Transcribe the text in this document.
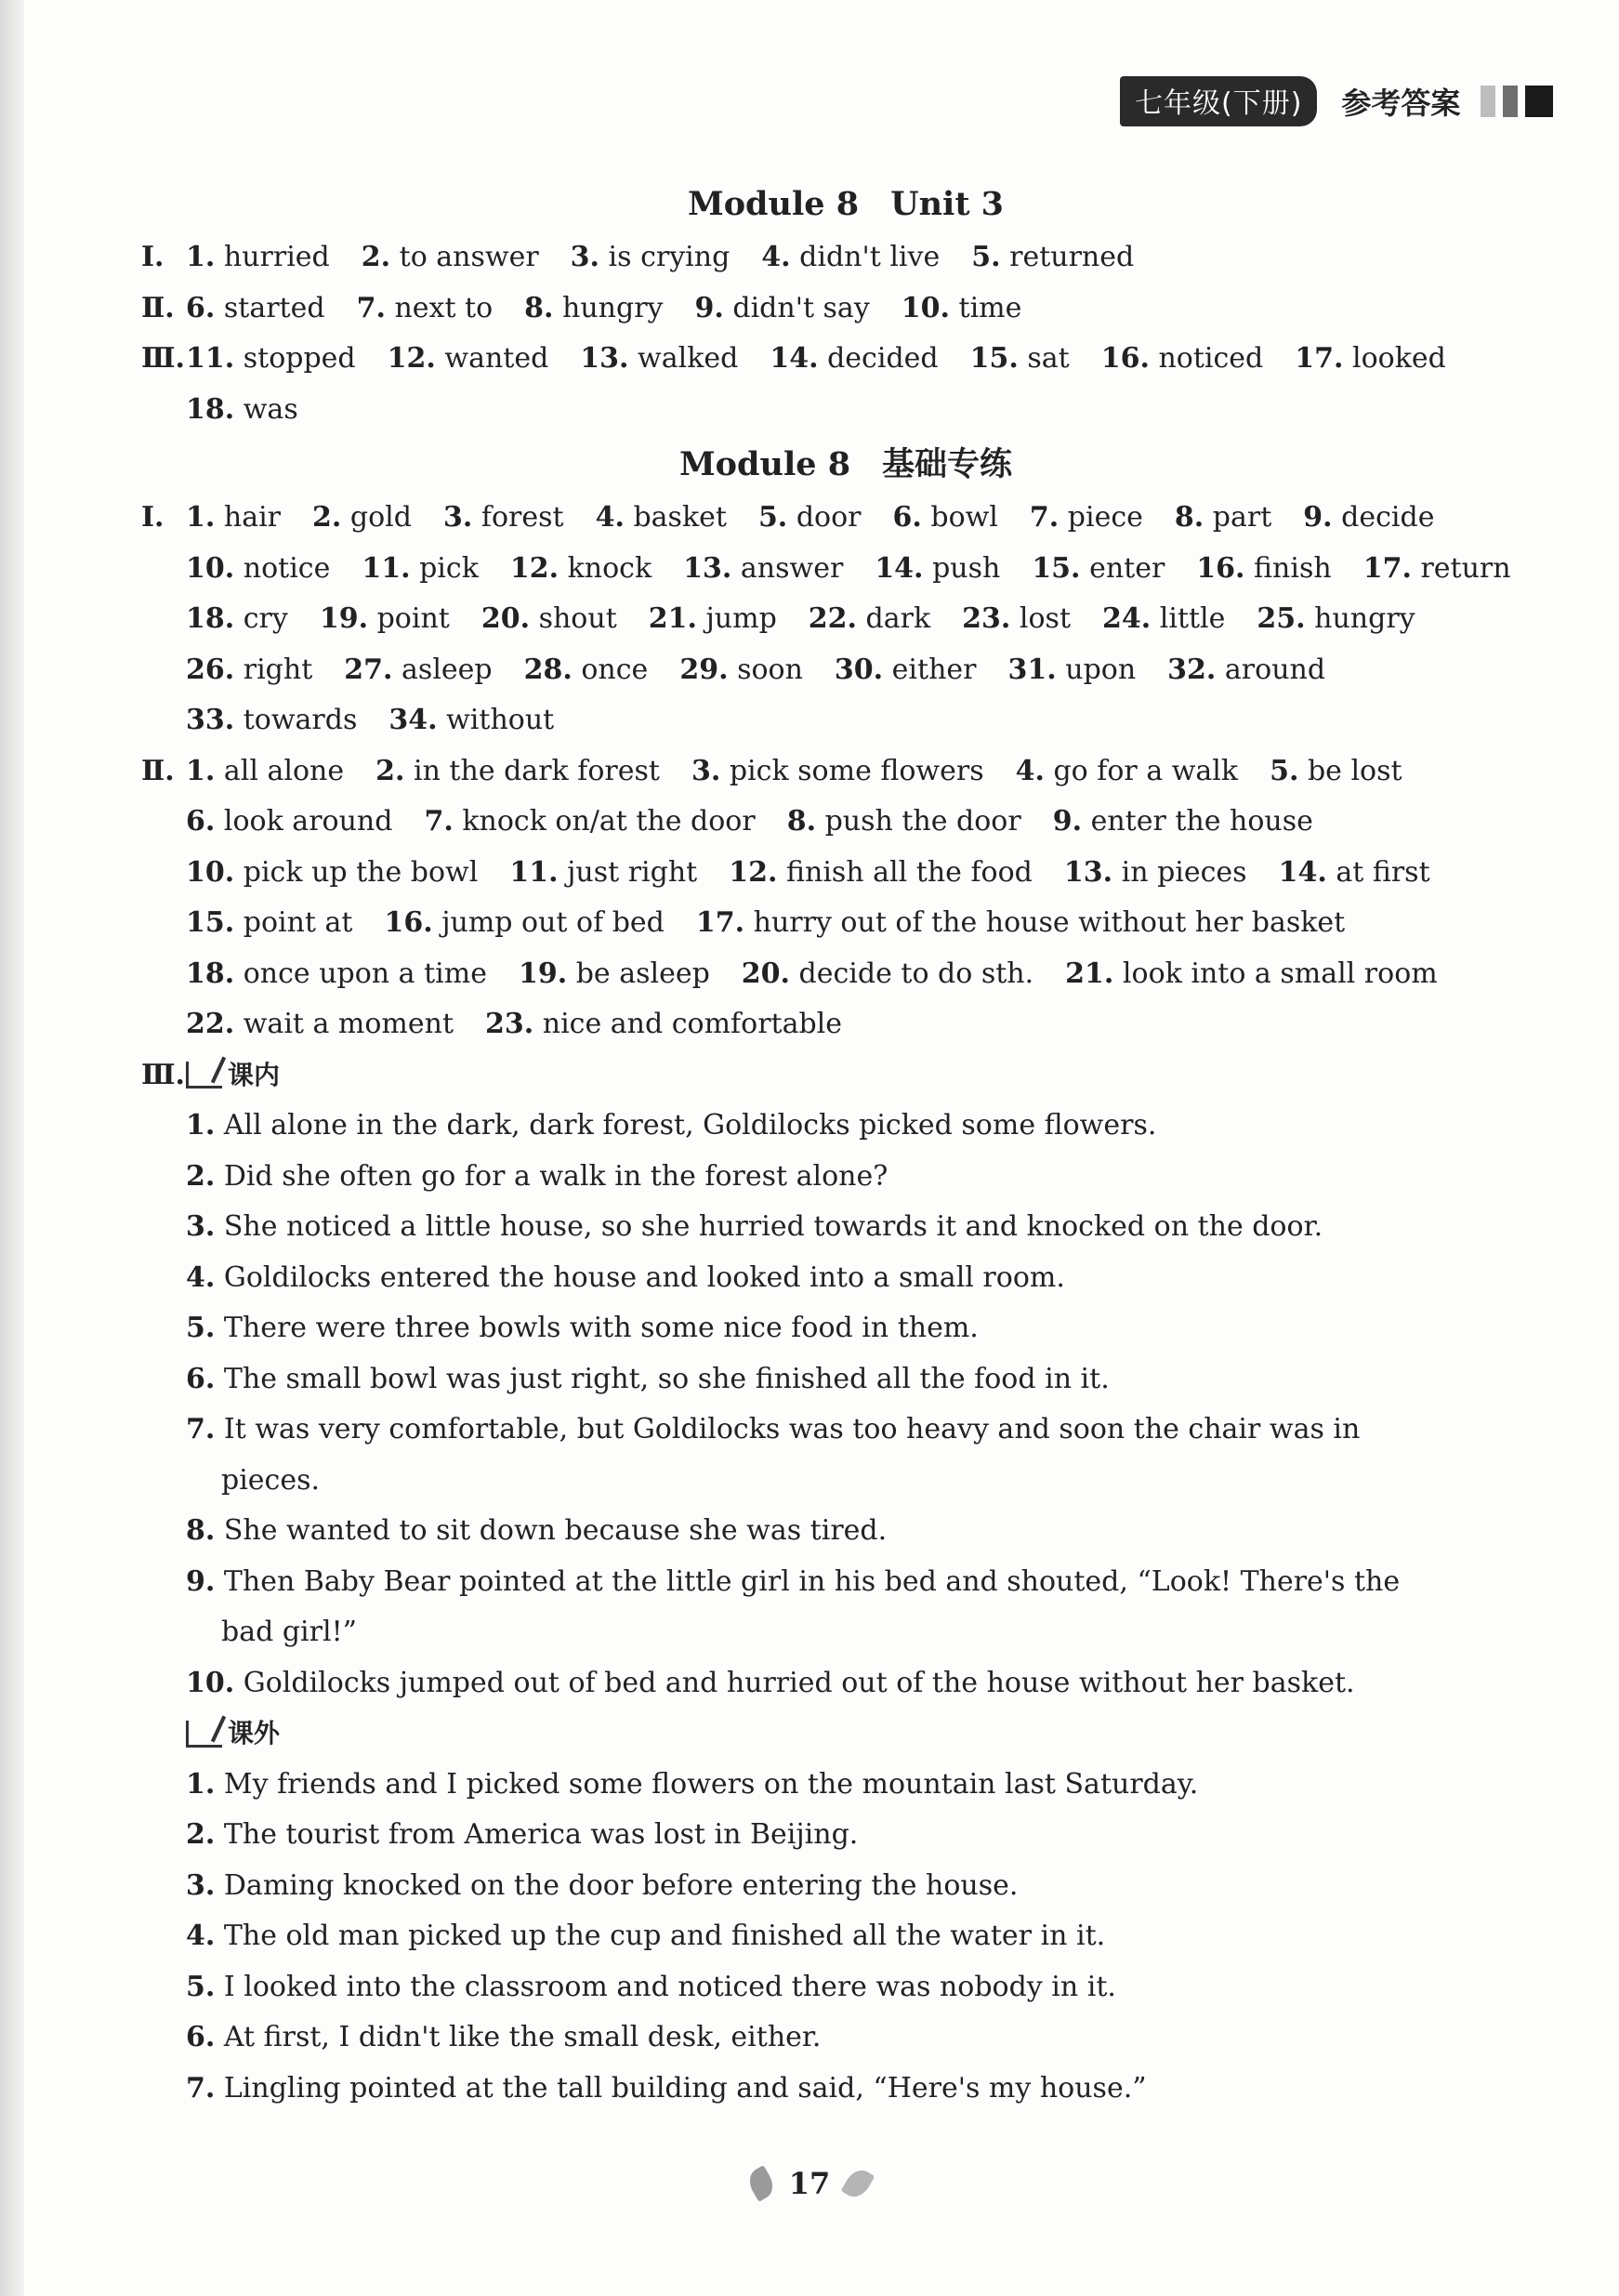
七年级(下册)	参考答案
Module 8 Unit 3
Ⅰ. 1. hurried 2. to answer 3. is crying 4. didn't live 5. returned
Ⅱ. 6. started 7. next to 8. hungry 9. didn't say 10. time
Ⅲ. 11. stopped 12. wanted 13. walked 14. decided 15. sat 16. noticed 17. looked
18. was
Module 8 基础专练
Ⅰ. 1. hair 2. gold 3. forest 4. basket 5. door 6. bowl 7. piece 8. part 9. decide
10. notice 11. pick 12. knock 13. answer 14. push 15. enter 16. finish 17. return
18. cry 19. point 20. shout 21. jump 22. dark 23. lost 24. little 25. hungry
26. right 27. asleep 28. once 29. soon 30. either 31. upon 32. around
33. towards 34. without
Ⅱ. 1. all alone 2. in the dark forest 3. pick some flowers 4. go for a walk 5. be lost
6. look around 7. knock on/at the door 8. push the door 9. enter the house
10. pick up the bowl 11. just right 12. finish all the food 13. in pieces 14. at first
15. point at 16. jump out of bed 17. hurry out of the house without her basket
18. once upon a time 19. be asleep 20. decide to do sth. 21. look into a small room
22. wait a moment 23. nice and comfortable
Ⅲ. 课内
1. All alone in the dark, dark forest, Goldilocks picked some flowers.
2. Did she often go for a walk in the forest alone?
3. She noticed a little house, so she hurried towards it and knocked on the door.
4. Goldilocks entered the house and looked into a small room.
5. There were three bowls with some nice food in them.
6. The small bowl was just right, so she finished all the food in it.
7. It was very comfortable, but Goldilocks was too heavy and soon the chair was in
pieces.
8. She wanted to sit down because she was tired.
9. Then Baby Bear pointed at the little girl in his bed and shouted, “Look! There's the
bad girl!”
10. Goldilocks jumped out of bed and hurried out of the house without her basket.
课外
1. My friends and I picked some flowers on the mountain last Saturday.
2. The tourist from America was lost in Beijing.
3. Daming knocked on the door before entering the house.
4. The old man picked up the cup and finished all the water in it.
5. I looked into the classroom and noticed there was nobody in it.
6. At first, I didn't like the small desk, either.
7. Lingling pointed at the tall building and said, “Here's my house.”
17
